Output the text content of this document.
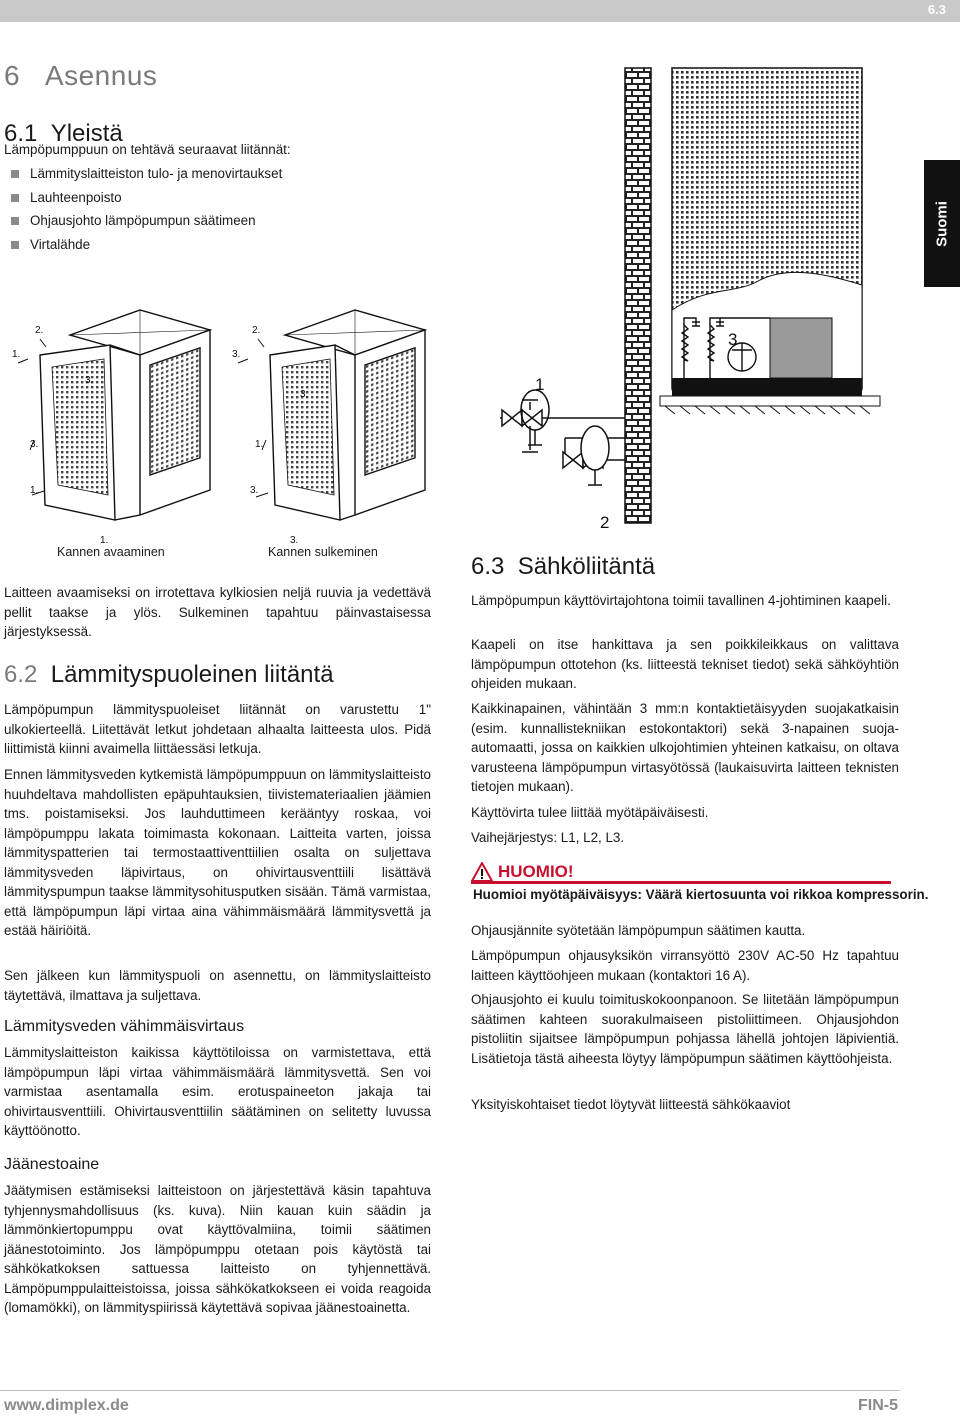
6.3
Suomi
6 Asennus
6.1 Yleistä

Lämpöpumppuun on tehtävä seuraavat liitännät:

Lämmityslaitteiston tulo- ja menovirtaukset
Lauhteenpoisto
Ohjausjohto lämpöpumpun säätimeen
Virtalähde
2.
1.
3.
3.
1.
1.
2.
3.
3.
1.
3.
3.
Kannen avaaminen	Kannen sulkeminen
3
1
2

Laitteen avaamiseksi on irrotettava kylkiosien neljä ruuvia ja vedettävä pellit taakse ja ylös. Sulkeminen tapahtuu päinvastaisessa järjestyksessä.

6.2 Lämmityspuoleinen liitäntä

Lämpöpumpun lämmityspuoleiset liitännät on varustettu 1" ulkokierteellä. Liitettävät letkut johdetaan alhaalta laitteesta ulos. Pidä liittimistä kiinni avaimella liittäessäsi letkuja.

Ennen lämmitysveden kytkemistä lämpöpumppuun on lämmityslaitteisto huuhdeltava mahdollisten epäpuhtauksien, tiivistemateriaalien jäämien tms. poistamiseksi. Jos lauhduttimeen kerääntyy roskaa, voi lämpöpumppu lakata toimimasta kokonaan. Laitteita varten, joissa lämmityspatterien tai termostaattiventtiilien osalta on suljettava lämmitysveden läpivirtaus, on ohivirtausventtiili lisättävä lämmityspumpun taakse lämmitysohitusputken sisään. Tämä varmistaa, että lämpöpumpun läpi virtaa aina vähimmäismäärä lämmitysvettä ja estää häiriöitä.

Sen jälkeen kun lämmityspuoli on asennettu, on lämmityslaitteisto täytettävä, ilmattava ja suljettava.

Lämmitysveden vähimmäisvirtaus

Lämmityslaitteiston kaikissa käyttötiloissa on varmistettava, että lämpöpumpun läpi virtaa vähimmäismäärä lämmitysvettä. Sen voi varmistaa asentamalla esim. erotuspaineeton jakaja tai ohivirtausventtiili. Ohivirtausventtiilin säätäminen on selitetty luvussa käyttöönotto.

Jäänestoaine

Jäätymisen estämiseksi laitteistoon on järjestettävä käsin tapahtuva tyhjennysmahdollisuus (ks. kuva). Niin kauan kuin säädin ja lämmönkiertopumppu ovat käyttövalmiina, toimii säätimen jäänestotoiminto. Jos lämpöpumppu otetaan pois käytöstä tai sähkökatkoksen sattuessa laitteisto on tyhjennettävä. Lämpöpumppulaitteistoissa, joissa sähkökatkokseen ei voida reagoida (lomamökki), on lämmityspiirissä käytettävä sopivaa jäänestoainetta.

6.3 Sähköliitäntä

Lämpöpumpun käyttövirtajohtona toimii tavallinen 4-johtiminen kaapeli.

Kaapeli on itse hankittava ja sen poikkileikkaus on valittava lämpöpumpun ottotehon (ks. liitteestä tekniset tiedot) sekä sähköyhtiön ohjeiden mukaan.

Kaikkinapainen, vähintään 3 mm:n kontaktietäisyyden suojakatkaisin (esim. kunnallistekniikan estokontaktori) sekä 3-napainen suoja-automaatti, jossa on kaikkien ulkojohtimien yhteinen katkaisu, on oltava varusteena lämpöpumpun virtasyötössä (laukaisuvirta laitteen teknisten tietojen mukaan).

Käyttövirta tulee liittää myötäpäiväisesti.

Vaihejärjestys: L1, L2, L3.

HUOMIO!
Huomioi myötäpäiväisyys: Väärä kiertosuunta voi rikkoa kompressorin.

Ohjausjännite syötetään lämpöpumpun säätimen kautta.

Lämpöpumpun ohjausyksikön virransyöttö 230V AC-50 Hz tapahtuu laitteen käyttöohjeen mukaan (kontaktori 16 A).

Ohjausjohto ei kuulu toimituskokoonpanoon. Se liitetään lämpöpumpun säätimen kahteen suorakulmaiseen pistoliittimeen. Ohjausjohdon pistoliitin sijaitsee lämpöpumpun pohjassa lähellä johtojen läpivientiä. Lisätietoja tästä aiheesta löytyy lämpöpumpun säätimen käyttöohjeista.

Yksityiskohtaiset tiedot löytyvät liitteestä sähkökaaviot

www.dimplex.de	FIN-5
